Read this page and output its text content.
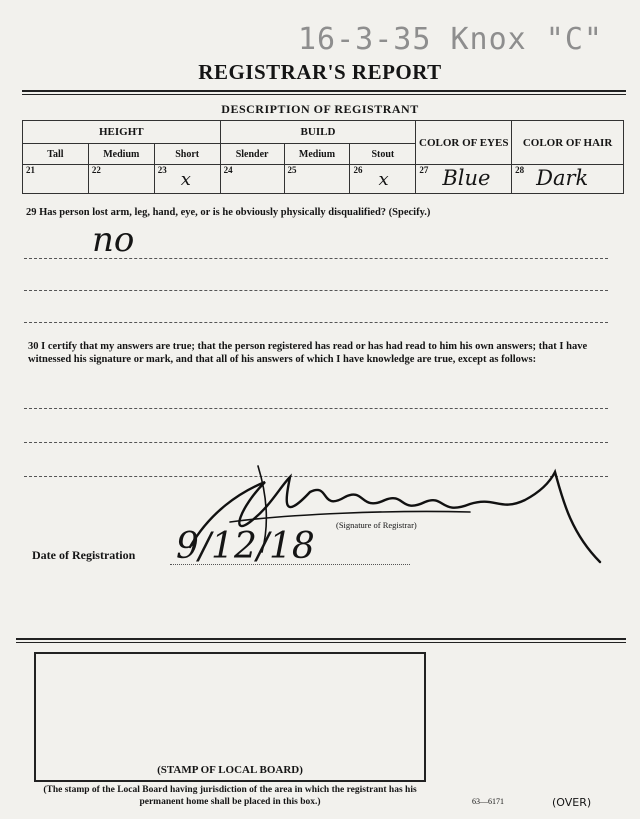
16-3-35 Knox "C"
REGISTRAR'S REPORT
DESCRIPTION OF REGISTRANT
HEIGHT			BUILD			COLOR OF EYES	COLOR OF HAIR
Tall	Medium	Short	Slender	Medium	Stout		
21	22	23 x	24	25	26 x	27 Blue	28 Dark
29 Has person lost arm, leg, hand, eye, or is he obviously physically disqualified? (Specify.)
no
30 I certify that my answers are true; that the person registered has read or has had read to him his own answers; that I have witnessed his signature or mark, and that all of his answers of which I have knowledge are true, except as follows:
(Signature of Registrar)
Date of Registration 9/12/18
(STAMP OF LOCAL BOARD)
(The stamp of the Local Board having jurisdiction of the area in which the registrant has his permanent home shall be placed in this box.)	63—6171	(OVER)
